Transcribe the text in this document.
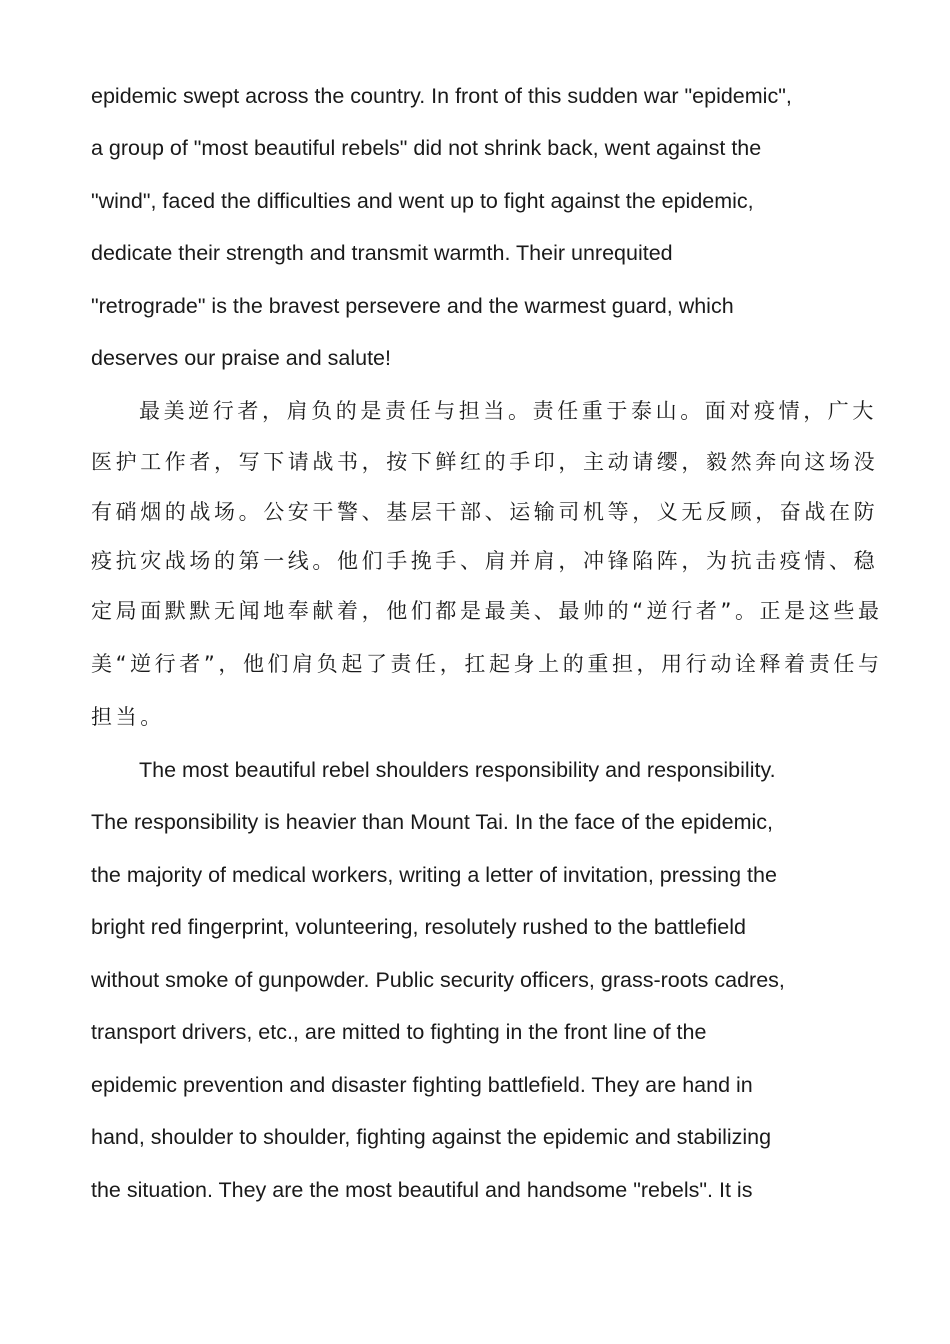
epidemic swept across the country. In front of this sudden war "epidemic",
a group of "most beautiful rebels" did not shrink back, went against the
"wind", faced the difficulties and went up to fight against the epidemic,
dedicate their strength and transmit warmth. Their unrequited
"retrograde" is the bravest persevere and the warmest guard, which
deserves our praise and salute!
最美逆行者，肩负的是责任与担当。责任重于泰山。面对疫情，广大
医护工作者，写下请战书，按下鲜红的手印，主动请缨，毅然奔向这场没
有硝烟的战场。公安干警、基层干部、运输司机等，义无反顾，奋战在防
疫抗灾战场的第一线。他们手挽手、肩并肩，冲锋陷阵，为抗击疫情、稳
定局面默默无闻地奉献着，他们都是最美、最帅的“逆行者”。正是这些最
美“逆行者”，他们肩负起了责任，扛起身上的重担，用行动诠释着责任与
担当。
The most beautiful rebel shoulders responsibility and responsibility.
The responsibility is heavier than Mount Tai. In the face of the epidemic,
the majority of medical workers, writing a letter of invitation, pressing the
bright red fingerprint, volunteering, resolutely rushed to the battlefield
without smoke of gunpowder. Public security officers, grass-roots cadres,
transport drivers, etc., are mitted to fighting in the front line of the
epidemic prevention and disaster fighting battlefield. They are hand in
hand, shoulder to shoulder, fighting against the epidemic and stabilizing
the situation. They are the most beautiful and handsome "rebels". It is
